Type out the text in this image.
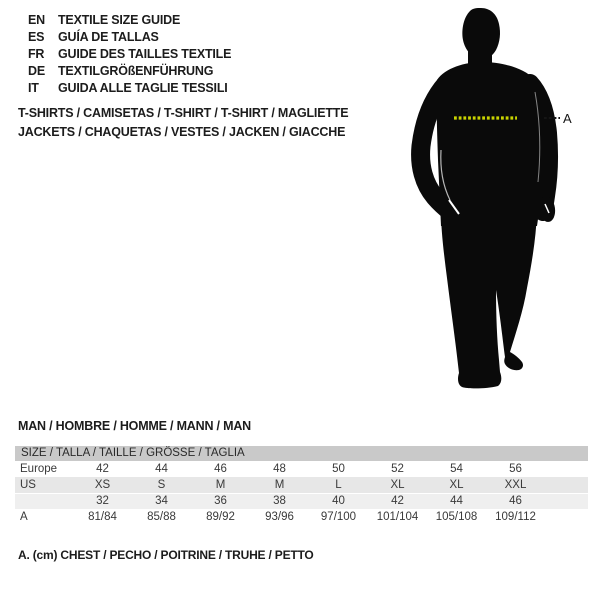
EN	TEXTILE SIZE GUIDE
ES	GUÍA DE TALLAS
FR	GUIDE DES TAILLES TEXTILE
DE	TEXTILGRÖßENFÜHRUNG
IT	GUIDA ALLE TAGLIE TESSILI
T-SHIRTS / CAMISETAS / T-SHIRT / T-SHIRT / MAGLIETTE
JACKETS / CHAQUETAS / VESTES / JACKEN / GIACCHE
A
MAN / HOMBRE / HOMME / MANN / MAN
SIZE / TALLA / TAILLE / GRÖSSE / TAGLIA									
Europe	42	44	46	48	50	52	54	56	
US	XS	S	M	M	L	XL	XL	XXL	
	32	34	36	38	40	42	44	46	
A	81/84	85/88	89/92	93/96	97/100	101/104	105/108	109/112	
A. (cm) CHEST / PECHO / POITRINE / TRUHE / PETTO
